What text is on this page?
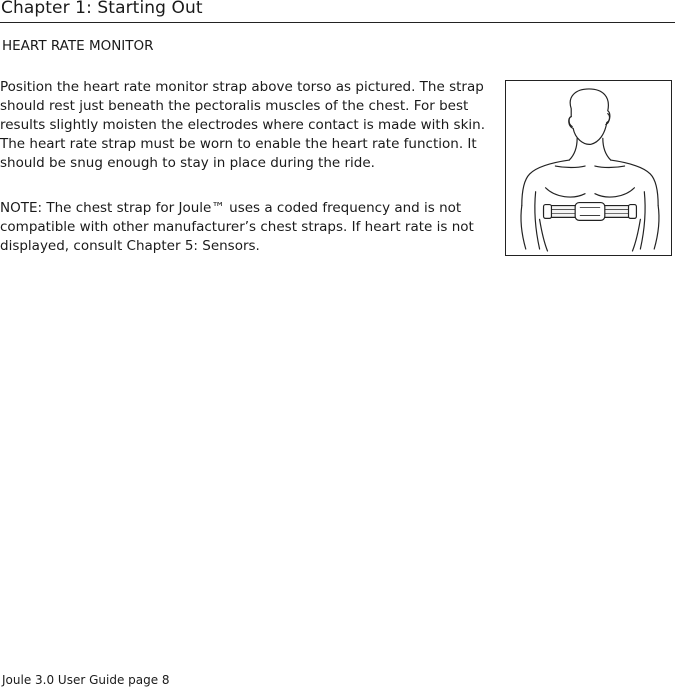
Chapter 1: Starting Out
HEART RATE MONITOR

Position the heart rate monitor strap above torso as pictured. The strap
should rest just beneath the pectoralis muscles of the chest. For best
results slightly moisten the electrodes where contact is made with skin.
The heart rate strap must be worn to enable the heart rate function. It
should be snug enough to stay in place during the ride.

NOTE: The chest strap for Joule™ uses a coded frequency and is not
compatible with other manufacturer’s chest straps. If heart rate is not
displayed, consult Chapter 5: Sensors.

Joule 3.0 User Guide page 8
